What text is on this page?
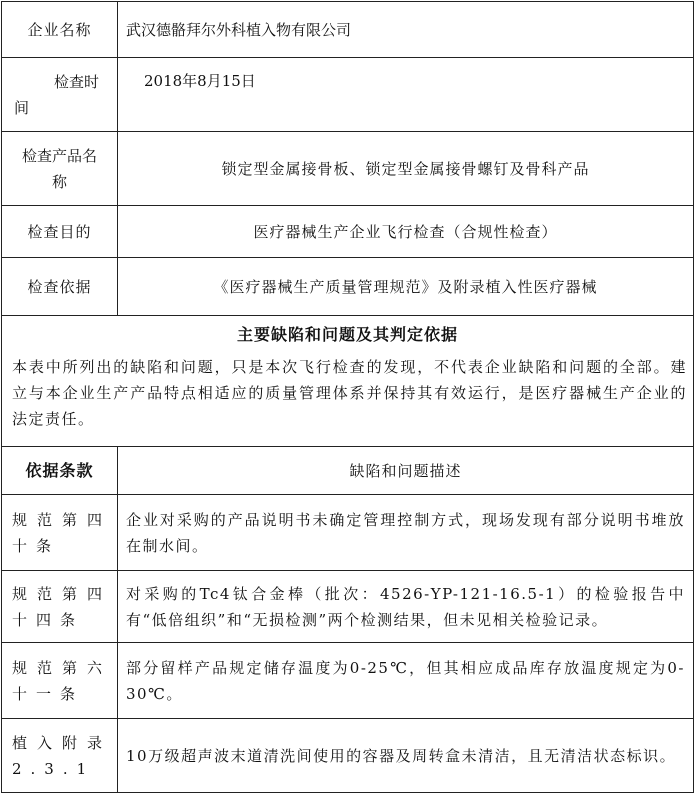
企业名称	武汉德骼拜尔外科植入物有限公司

检查时
间	2018年8月15日

检查产品名
称	锁定型金属接骨板、锁定型金属接骨螺钉及骨科产品
检查目的	医疗器械生产企业飞行检查（合规性检查）
检查依据	《医疗器械生产质量管理规范》及附录植入性医疗器械

主要缺陷和问题及其判定依据
本表中所列出的缺陷和问题，只是本次飞行检查的发现，不代表企业缺陷和问题的全部。建立与本企业生产产品特点相适应的质量管理体系并保持其有效运行，是医疗器械生产企业的法定责任。	

依据条款	缺陷和问题描述
规范第四十条	企业对采购的产品说明书未确定管理控制方式，现场发现有部分说明书堆放在制水间。
规范第四十四条	对采购的Tc4钛合金棒（批次：4526-YP-121-16.5-1）的检验报告中有“低倍组织”和“无损检测”两个检测结果，但未见相关检验记录。
规范第六十一条	部分留样产品规定储存温度为0-25℃，但其相应成品库存放温度规定为0-30℃。
植入附录2.3.1	10万级超声波末道清洗间使用的容器及周转盒未清洁，且无清洁状态标识。
